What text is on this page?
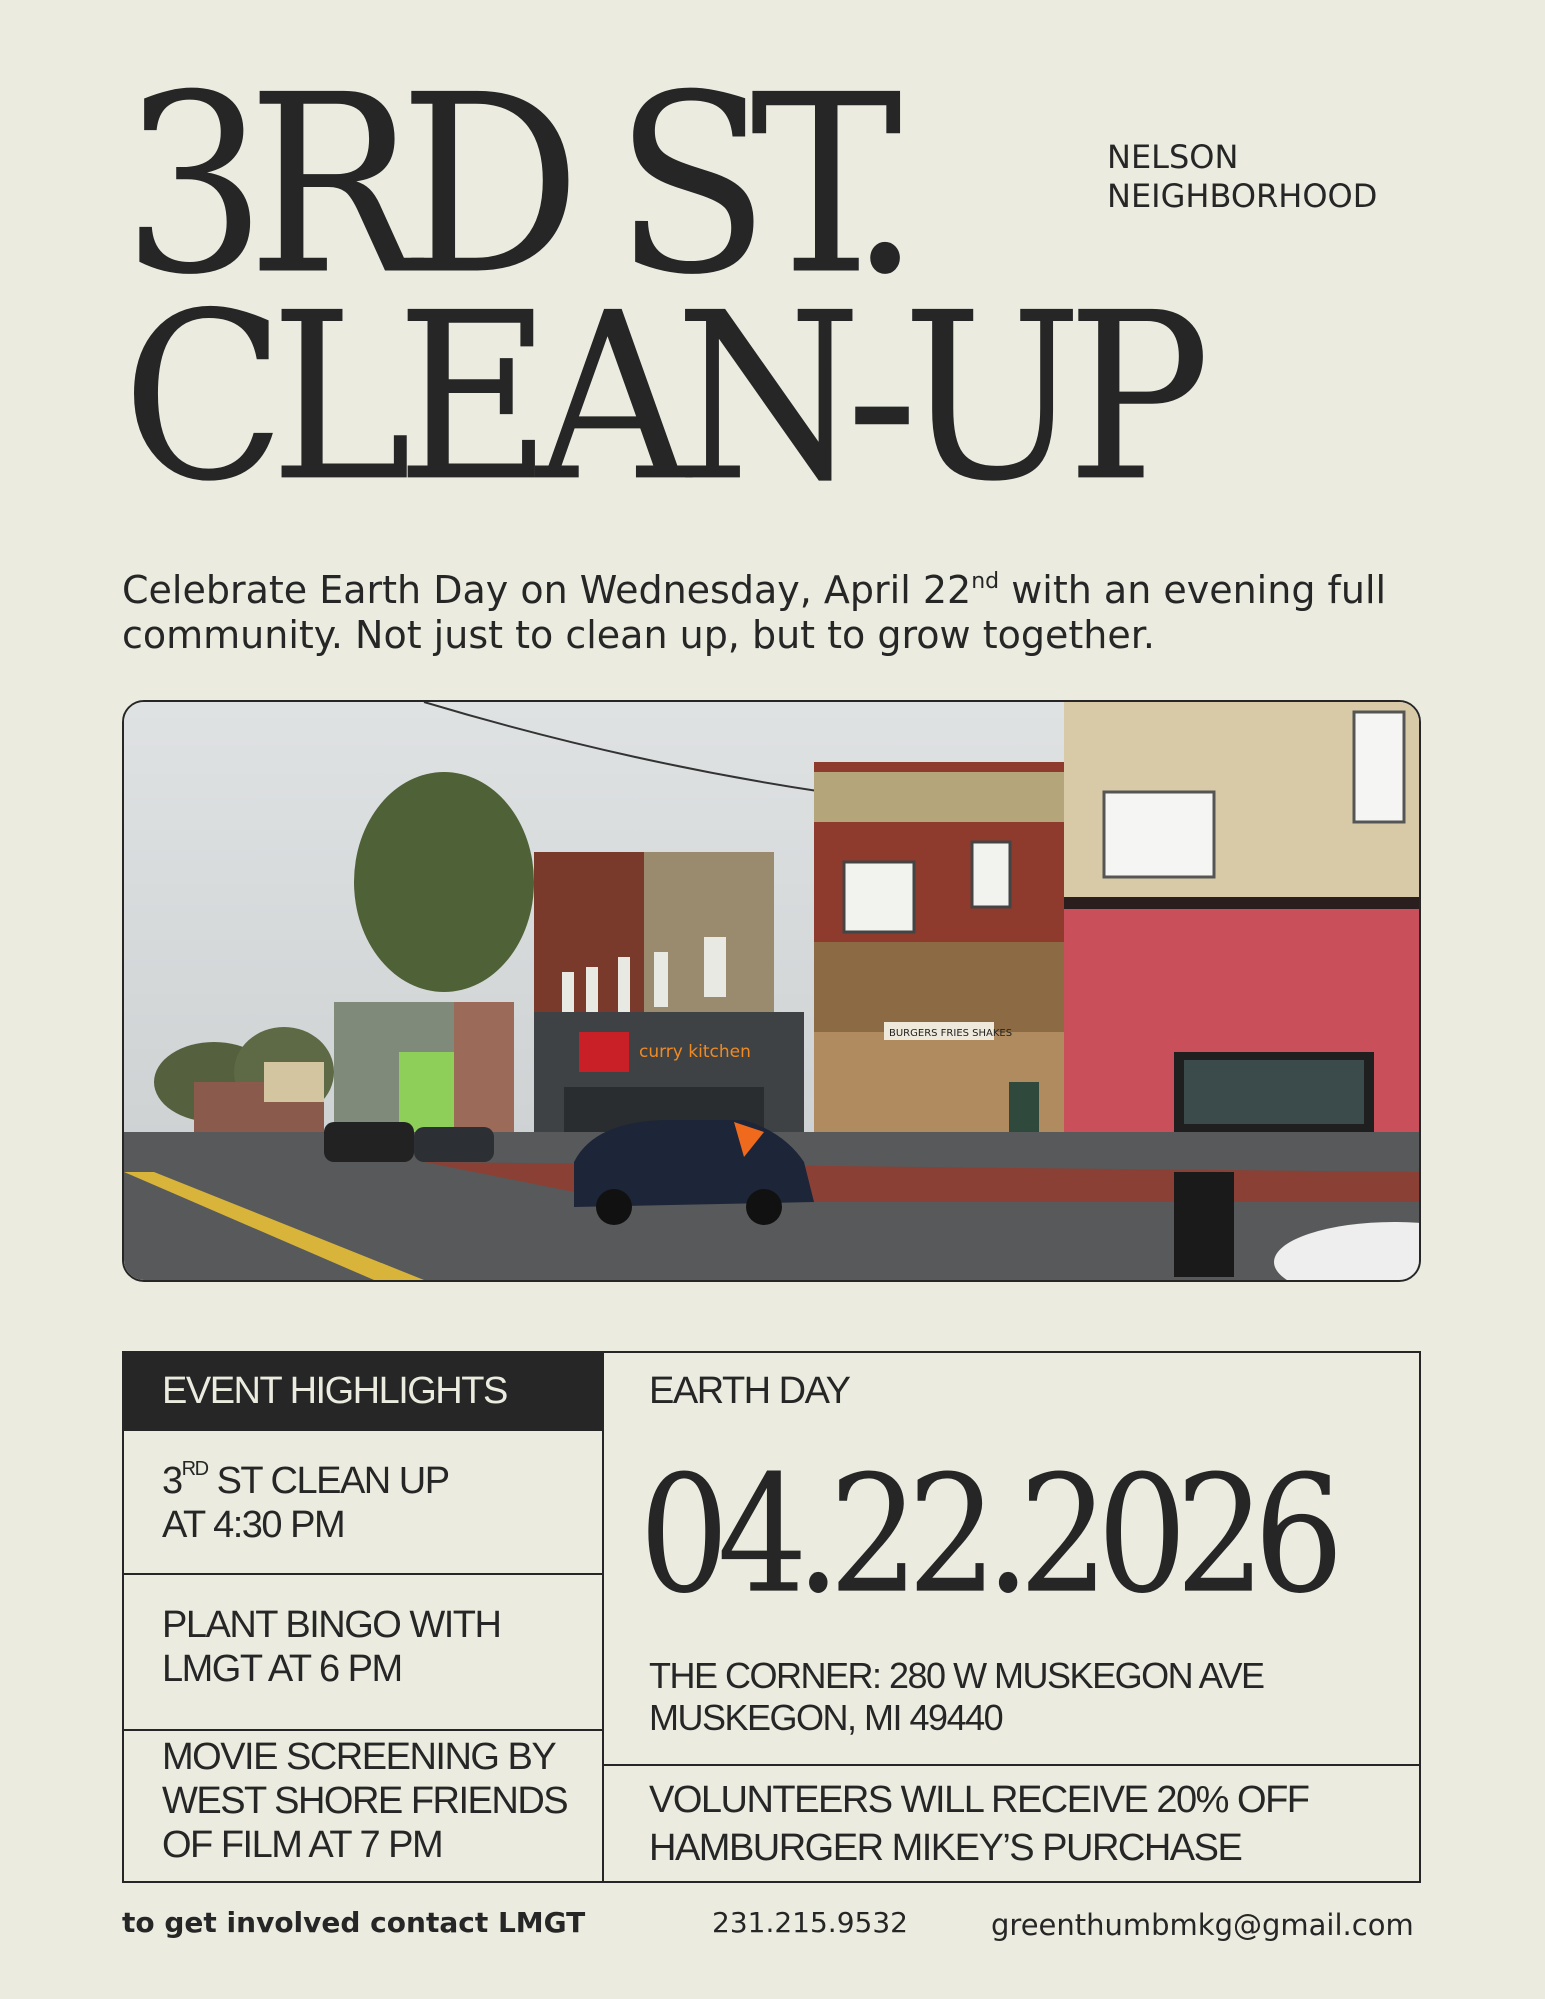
3RD ST.
CLEAN-UP
NELSON
NEIGHBORHOOD

Celebrate Earth Day on Wednesday, April 22nd with an evening full community. Not just to clean up, but to grow together.

curry kitchen
BURGERS FRIES SHAKES
EVENT HIGHLIGHTS
3RD ST CLEAN UP
AT 4:30 PM
PLANT BINGO WITH
LMGT AT 6 PM
MOVIE SCREENING BY
WEST SHORE FRIENDS
OF FILM AT 7 PM
EARTH DAY
04.22.2026
THE CORNER: 280 W MUSKEGON AVE
MUSKEGON, MI 49440
VOLUNTEERS WILL RECEIVE 20% OFF
HAMBURGER MIKEY’S PURCHASE
to get involved contact LMGT	231.215.9532	greenthumbmkg@gmail.com
